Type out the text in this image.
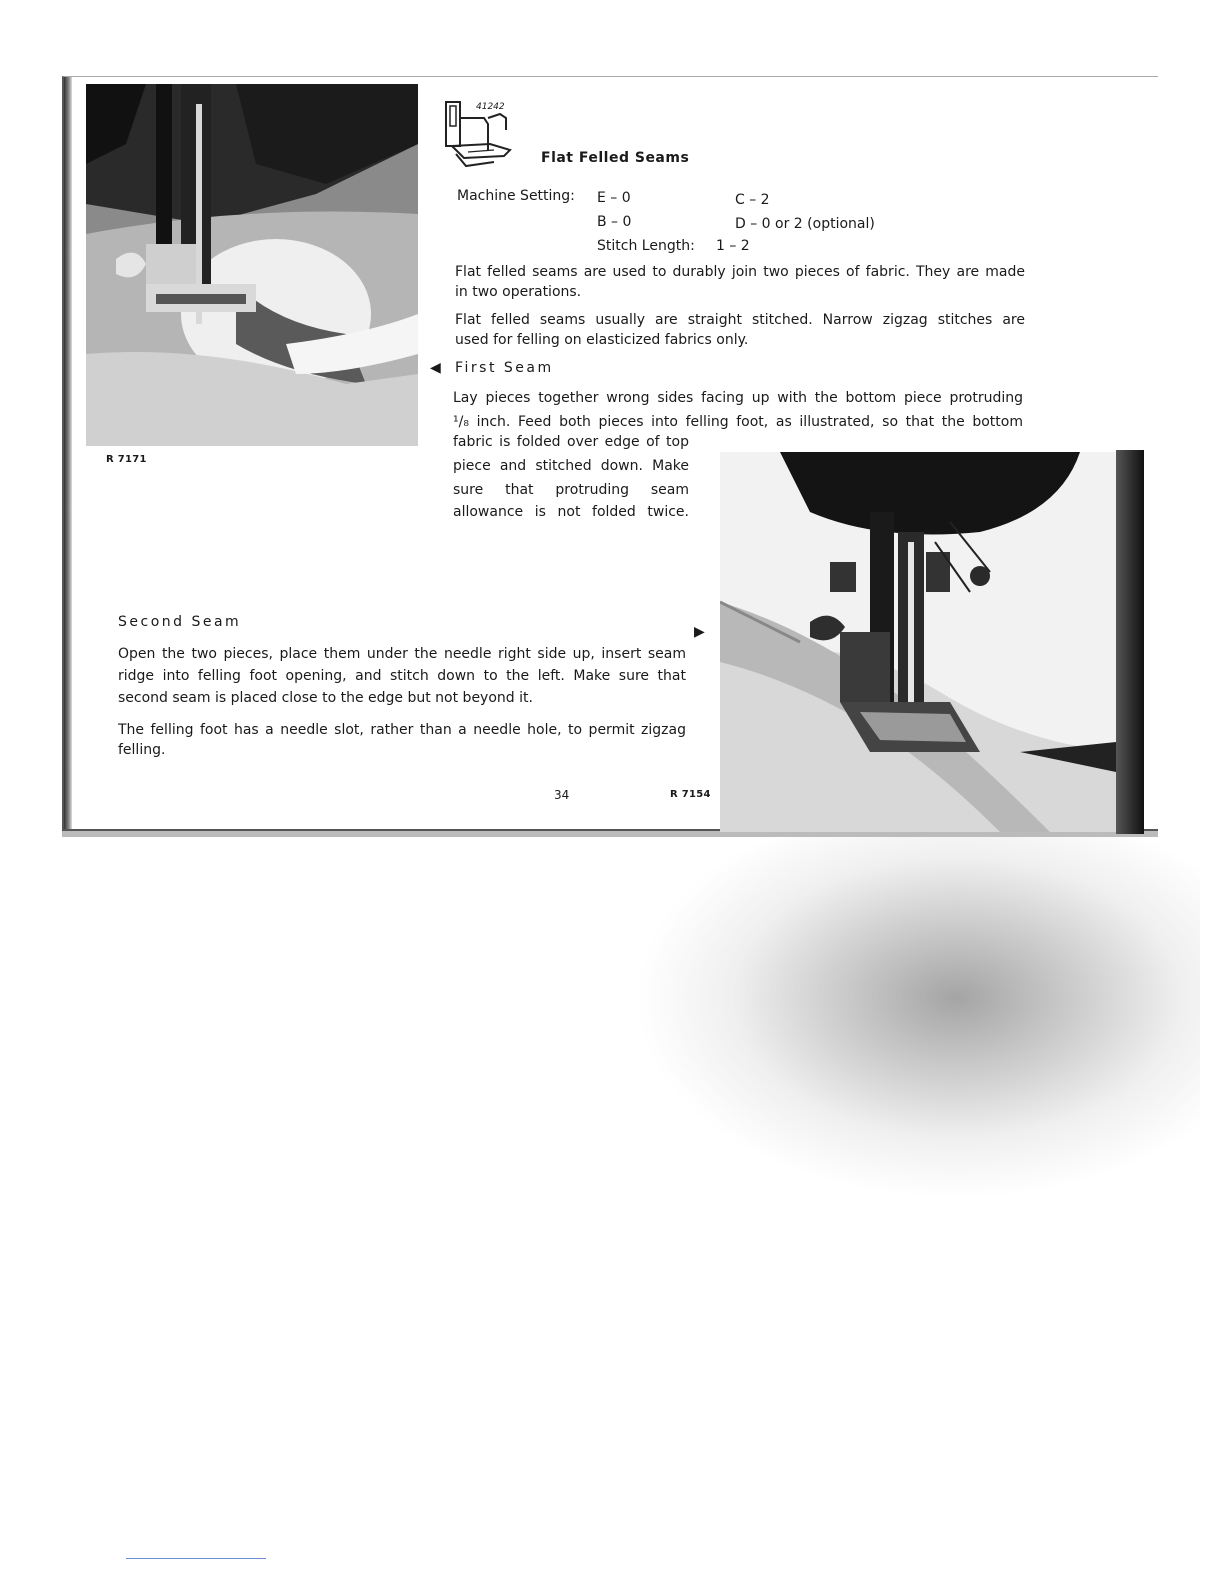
R 7171
41242
Flat Felled Seams
Machine Setting: E – 0	C – 2
B – 0	D – 0 or 2 (optional)
Stitch Length: 1 – 2
Flat felled seams are used to durably join two pieces of fabric. They are made
in two operations.
Flat felled seams usually are straight stitched. Narrow zigzag stitches are
used for felling on elasticized fabrics only.
◀ First Seam
Lay pieces together wrong sides facing up with the bottom piece protruding
¹/₈ inch. Feed both pieces into felling foot, as illustrated, so that the bottom
fabric is folded over edge of top
piece and stitched down. Make
sure that protruding seam
allowance is not folded twice.
Second Seam
▶
Open the two pieces, place them under the needle right side up, insert seam
ridge into felling foot opening, and stitch down to the left. Make sure that
second seam is placed close to the edge but not beyond it.
The felling foot has a needle slot, rather than a needle hole, to permit zigzag
felling.
34	R 7154
